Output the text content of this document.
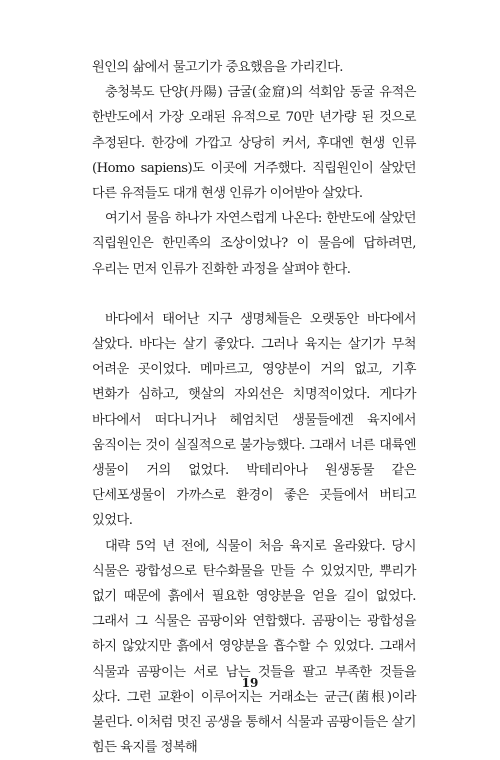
원인의 삶에서 물고기가 중요했음을 가리킨다.

충청북도 단양(丹陽) 금굴(金窟)의 석회암 동굴 유적은 한반도에서 가장 오래된 유적으로 70만 년가량 된 것으로 추정된다. 한강에 가깝고 상당히 커서, 후대엔 현생 인류(Homo sapiens)도 이곳에 거주했다. 직립원인이 살았던 다른 유적들도 대개 현생 인류가 이어받아 살았다.

여기서 물음 하나가 자연스럽게 나온다: 한반도에 살았던 직립원인은 한민족의 조상이었나? 이 물음에 답하려면, 우리는 먼저 인류가 진화한 과정을 살펴야 한다.

바다에서 태어난 지구 생명체들은 오랫동안 바다에서 살았다. 바다는 살기 좋았다. 그러나 육지는 살기가 무척 어려운 곳이었다. 메마르고, 영양분이 거의 없고, 기후 변화가 심하고, 햇살의 자외선은 치명적이었다. 게다가 바다에서 떠다니거나 헤엄치던 생물들에겐 육지에서 움직이는 것이 실질적으로 불가능했다. 그래서 너른 대륙엔 생물이 거의 없었다. 박테리아나 원생동물 같은 단세포생물이 가까스로 환경이 좋은 곳들에서 버티고 있었다.

대략 5억 년 전에, 식물이 처음 육지로 올라왔다. 당시 식물은 광합성으로 탄수화물을 만들 수 있었지만, 뿌리가 없기 때문에 흙에서 필요한 영양분을 얻을 길이 없었다. 그래서 그 식물은 곰팡이와 연합했다. 곰팡이는 광합성을 하지 않았지만 흙에서 영양분을 흡수할 수 있었다. 그래서 식물과 곰팡이는 서로 남는 것들을 팔고 부족한 것들을 샀다. 그런 교환이 이루어지는 거래소는 균근(菌根)이라 불린다. 이처럼 멋진 공생을 통해서 식물과 곰팡이들은 살기 힘든 육지를 정복해

19
